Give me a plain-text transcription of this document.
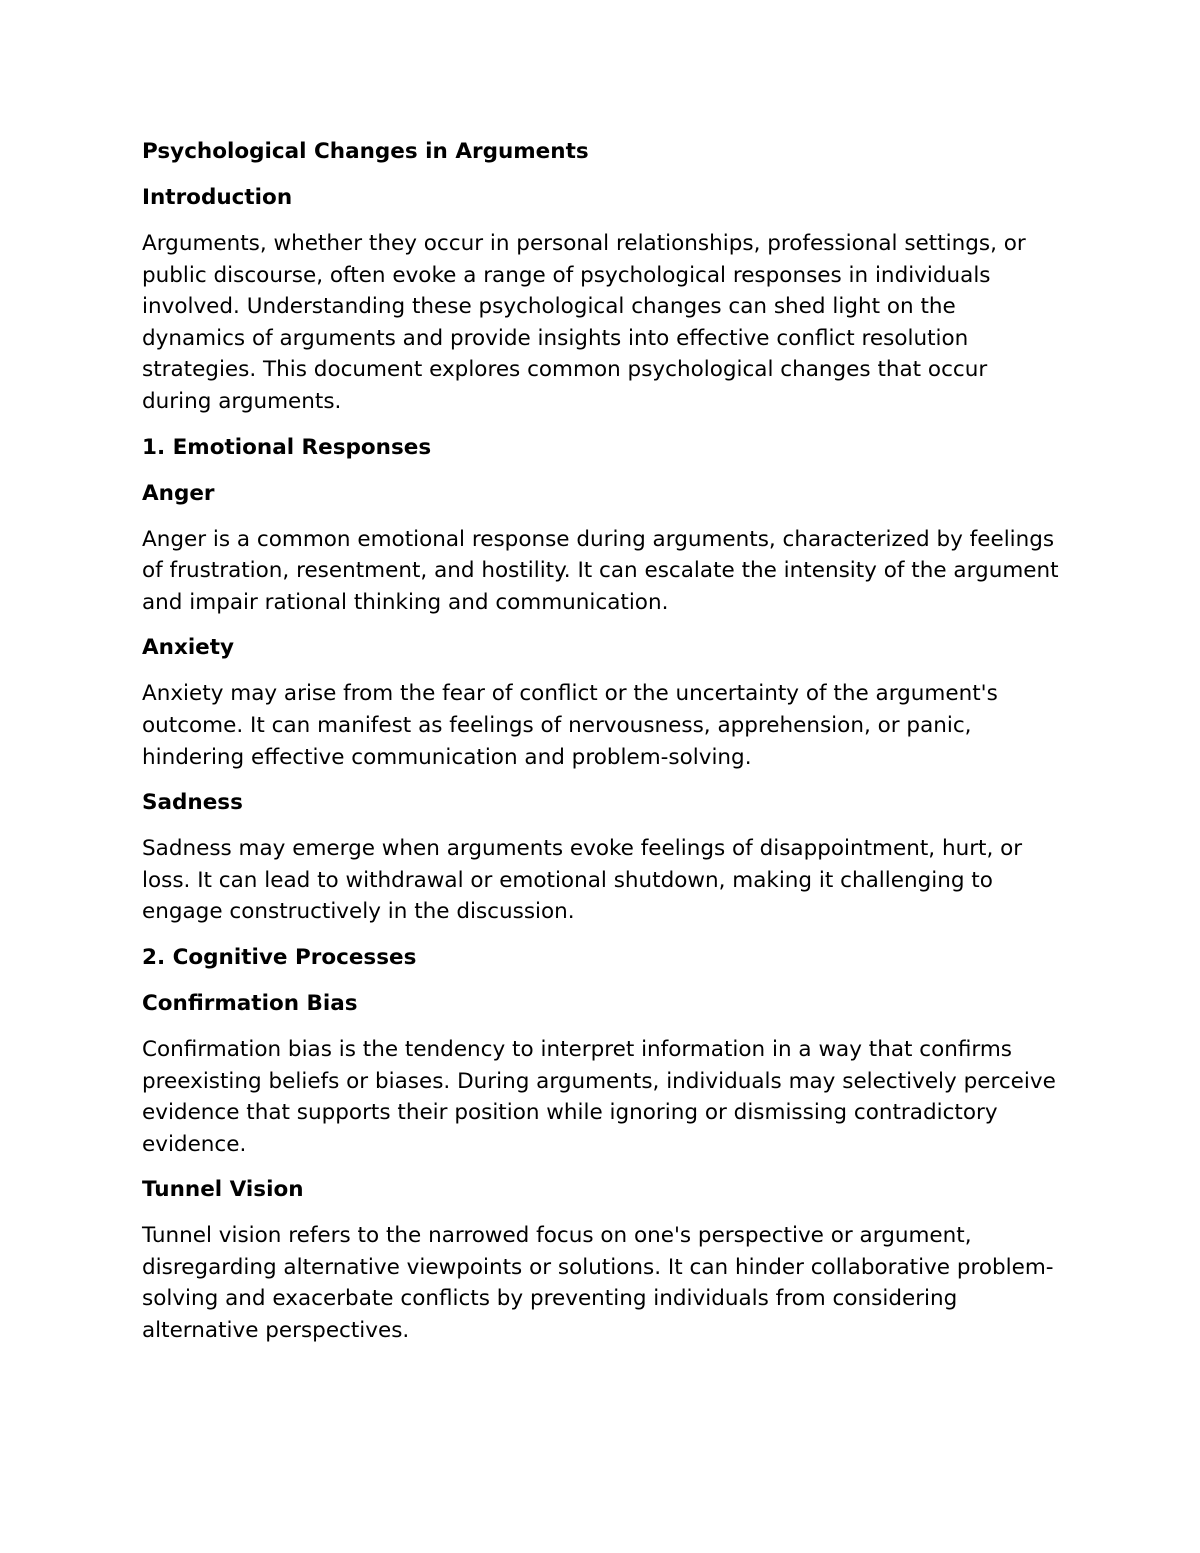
Psychological Changes in Arguments
Introduction
Arguments, whether they occur in personal relationships, professional settings, or public discourse, often evoke a range of psychological responses in individuals involved. Understanding these psychological changes can shed light on the dynamics of arguments and provide insights into effective conflict resolution strategies. This document explores common psychological changes that occur during arguments.
1. Emotional Responses
Anger
Anger is a common emotional response during arguments, characterized by feelings of frustration, resentment, and hostility. It can escalate the intensity of the argument and impair rational thinking and communication.
Anxiety
Anxiety may arise from the fear of conflict or the uncertainty of the argument's outcome. It can manifest as feelings of nervousness, apprehension, or panic, hindering effective communication and problem-solving.
Sadness
Sadness may emerge when arguments evoke feelings of disappointment, hurt, or loss. It can lead to withdrawal or emotional shutdown, making it challenging to engage constructively in the discussion.
2. Cognitive Processes
Confirmation Bias
Confirmation bias is the tendency to interpret information in a way that confirms preexisting beliefs or biases. During arguments, individuals may selectively perceive evidence that supports their position while ignoring or dismissing contradictory evidence.
Tunnel Vision
Tunnel vision refers to the narrowed focus on one's perspective or argument, disregarding alternative viewpoints or solutions. It can hinder collaborative problem-solving and exacerbate conflicts by preventing individuals from considering alternative perspectives.
